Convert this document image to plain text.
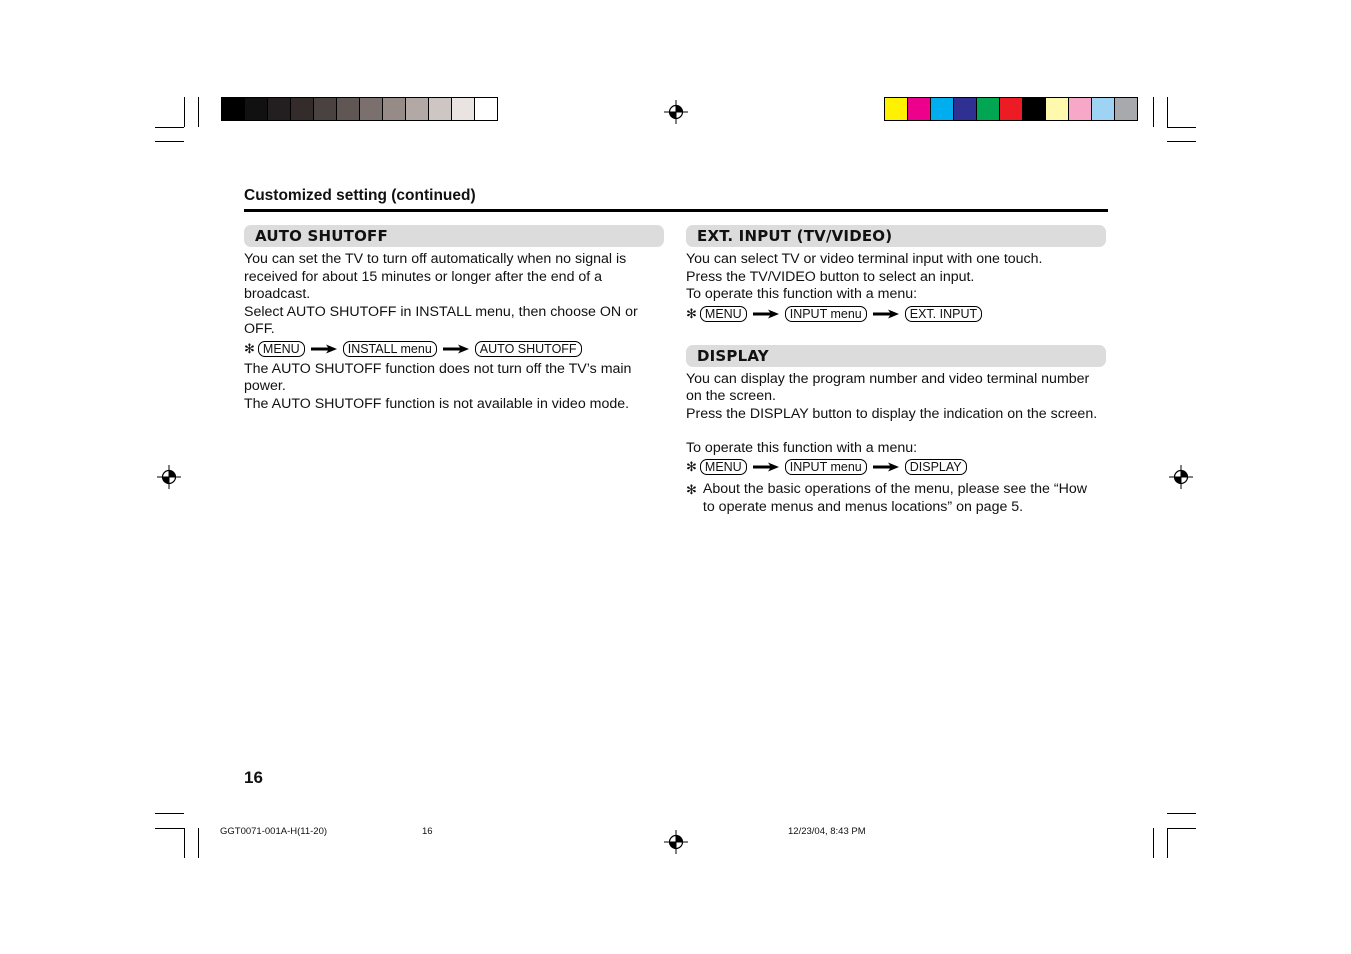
Customized setting (continued)
AUTO SHUTOFF

You can set the TV to turn off automatically when no signal is

received for about 15 minutes or longer after the end of a

broadcast.

Select AUTO SHUTOFF in INSTALL menu, then choose ON or

OFF.

✻ MENU	INSTALL menu	AUTO SHUTOFF

The AUTO SHUTOFF function does not turn off the TV’s main

power.

The AUTO SHUTOFF function is not available in video mode.

EXT. INPUT (TV/VIDEO)

You can select TV or video terminal input with one touch.

Press the TV/VIDEO button to select an input.

To operate this function with a menu:

✻ MENU	INPUT menu	EXT. INPUT
DISPLAY

You can display the program number and video terminal number

on the screen.

Press the DISPLAY button to display the indication on the screen.

To operate this function with a menu:

✻ MENU	INPUT menu	DISPLAY
✻ About the basic operations of the menu, please see the “How
to operate menus and menus locations” on page 5.
16
GGT0071-001A-H(11-20)	16	12/23/04, 8:43 PM
